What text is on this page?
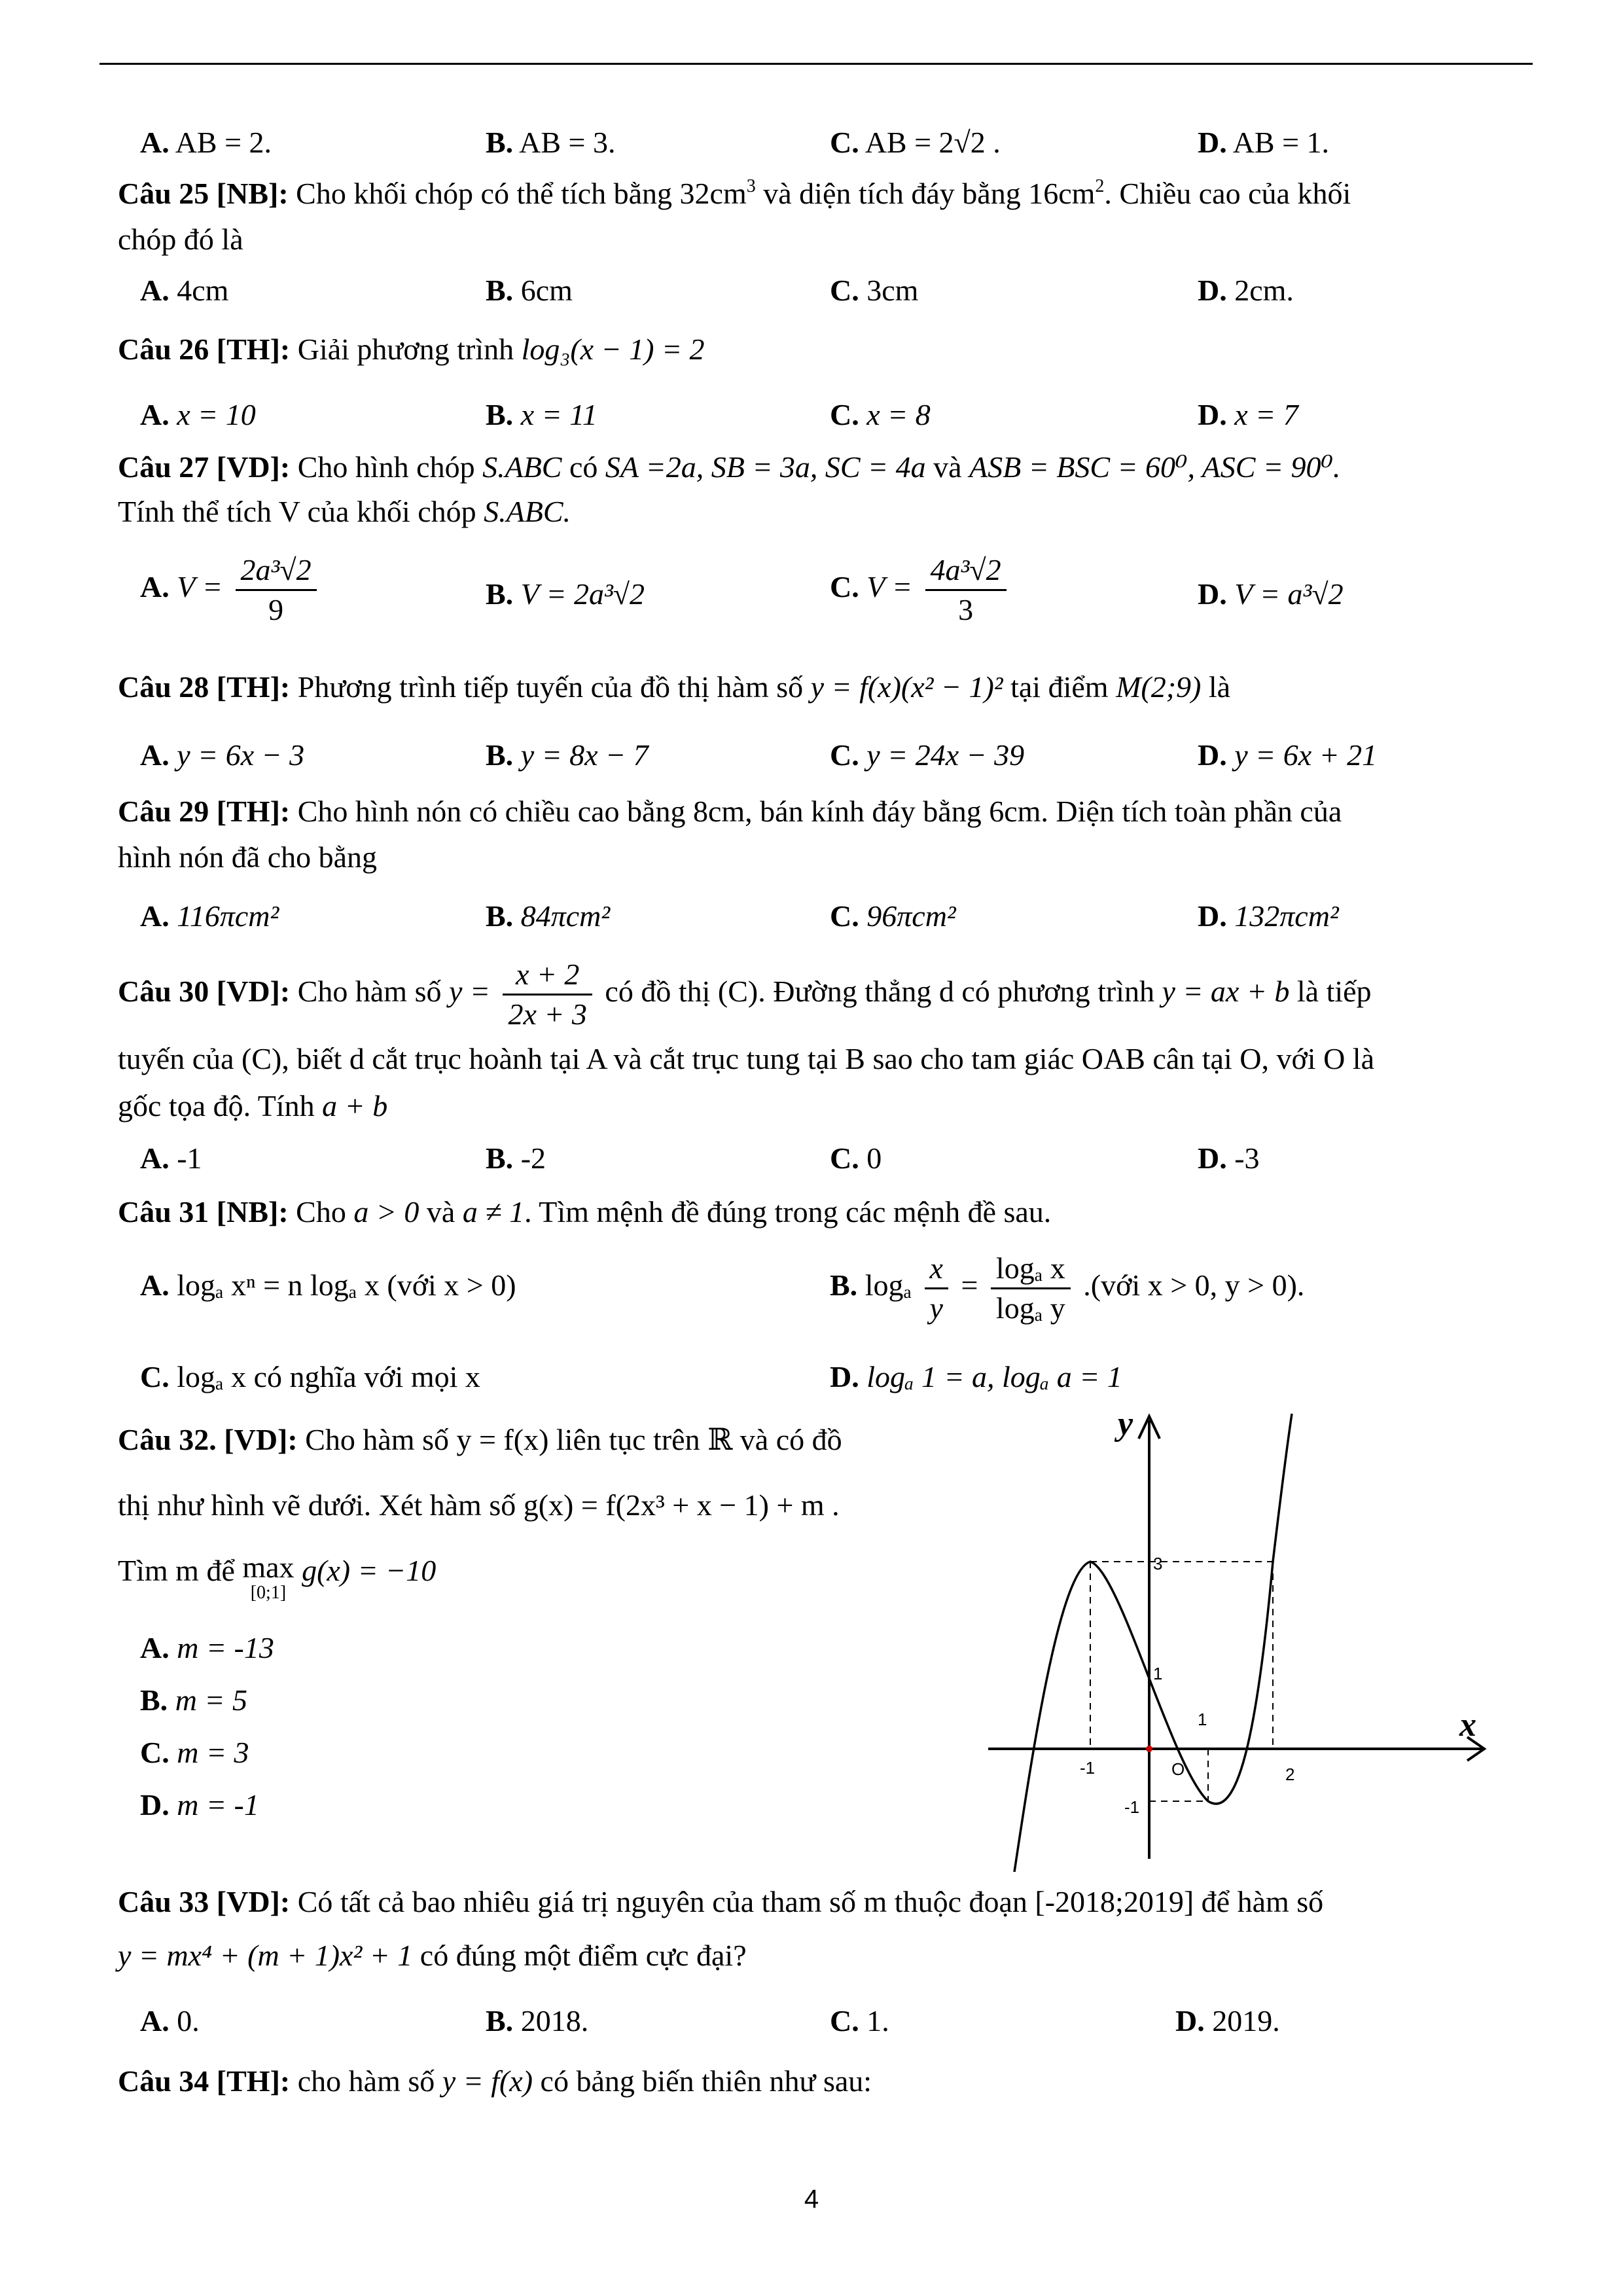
A. AB = 2.	B. AB = 3.	C. AB = 2√2 .	D. AB = 1.
Câu 25 [NB]: Cho khối chóp có thể tích bằng $32cm^3$ và diện tích đáy bằng $16cm^2$. Chiều cao của khối
chóp đó là
A. 4cm	B. 6cm	C. 3cm	D. 2cm.
Câu 26 [TH]: Giải phương trình log₃(x − 1) = 2
A. x = 10	B. x = 11	C. x = 8	D. x = 7
Câu 27 [VD]: Cho hình chóp S.ABC có SA =2a, SB = 3a, SC = 4a và ASB = BSC = 60⁰, ASC = 90⁰.
Tính thể tích V của khối chóp S.ABC.
A. $V = \frac{\text{2a³√2}}{9}$	B. V = 2a³√2	C. $V = \frac{\text{4a³√2}}{3}$	D. V = a³√2
Câu 28 [TH]: Phương trình tiếp tuyến của đồ thị hàm số y = f(x)(x² − 1)² tại điểm M(2;9) là
A. y = 6x − 3	B. y = 8x − 7	C. y = 24x − 39	D. y = 6x + 21
Câu 29 [TH]: Cho hình nón có chiều cao bằng 8cm, bán kính đáy bằng 6cm. Diện tích toàn phần của
hình nón đã cho bằng
A. 116πcm²	B. 84πcm²	C. 96πcm²	D. 132πcm²
Câu 30 [VD]: Cho hàm số $y = \frac{x + 2}{2x + 3}$ có đồ thị (C). Đường thẳng d có phương trình y = ax + b là tiếp
tuyến của (C), biết d cắt trục hoành tại A và cắt trục tung tại B sao cho tam giác OAB cân tại O, với O là
gốc tọa độ. Tính a + b
A. -1	B. -2	C. 0	D. -3
Câu 31 [NB]: Cho a > 0 và a ≠ 1. Tìm mệnh đề đúng trong các mệnh đề sau.
A. logₐ xⁿ = n logₐ x (với x > 0)	B. logₐ $\frac{x}{y} = \frac{\text{logₐ x}}{\text{logₐ y}}$ .(với x > 0, y > 0).
C. logₐ x có nghĩa với mọi x	D. logₐ 1 = a, logₐ a = 1
Câu 32. [VD]: Cho hàm số y = f(x) liên tục trên ℝ và có đồ
thị như hình vẽ dưới. Xét hàm số g(x) = f(2x³ + x − 1) + m .
Tìm m để max
[0;1]
g(x) = −10
A. m = -13
B. m = 5
C. m = 3
D. m = -1
y
x
3
1
1
-1
-1
2
O
Câu 33 [VD]: Có tất cả bao nhiêu giá trị nguyên của tham số m thuộc đoạn [-2018;2019] để hàm số
y = mx⁴ + (m + 1)x² + 1 có đúng một điểm cực đại?
A. 0.	B. 2018.	C. 1.	D. 2019.
Câu 34 [TH]: cho hàm số y = f(x) có bảng biến thiên như sau:
4
